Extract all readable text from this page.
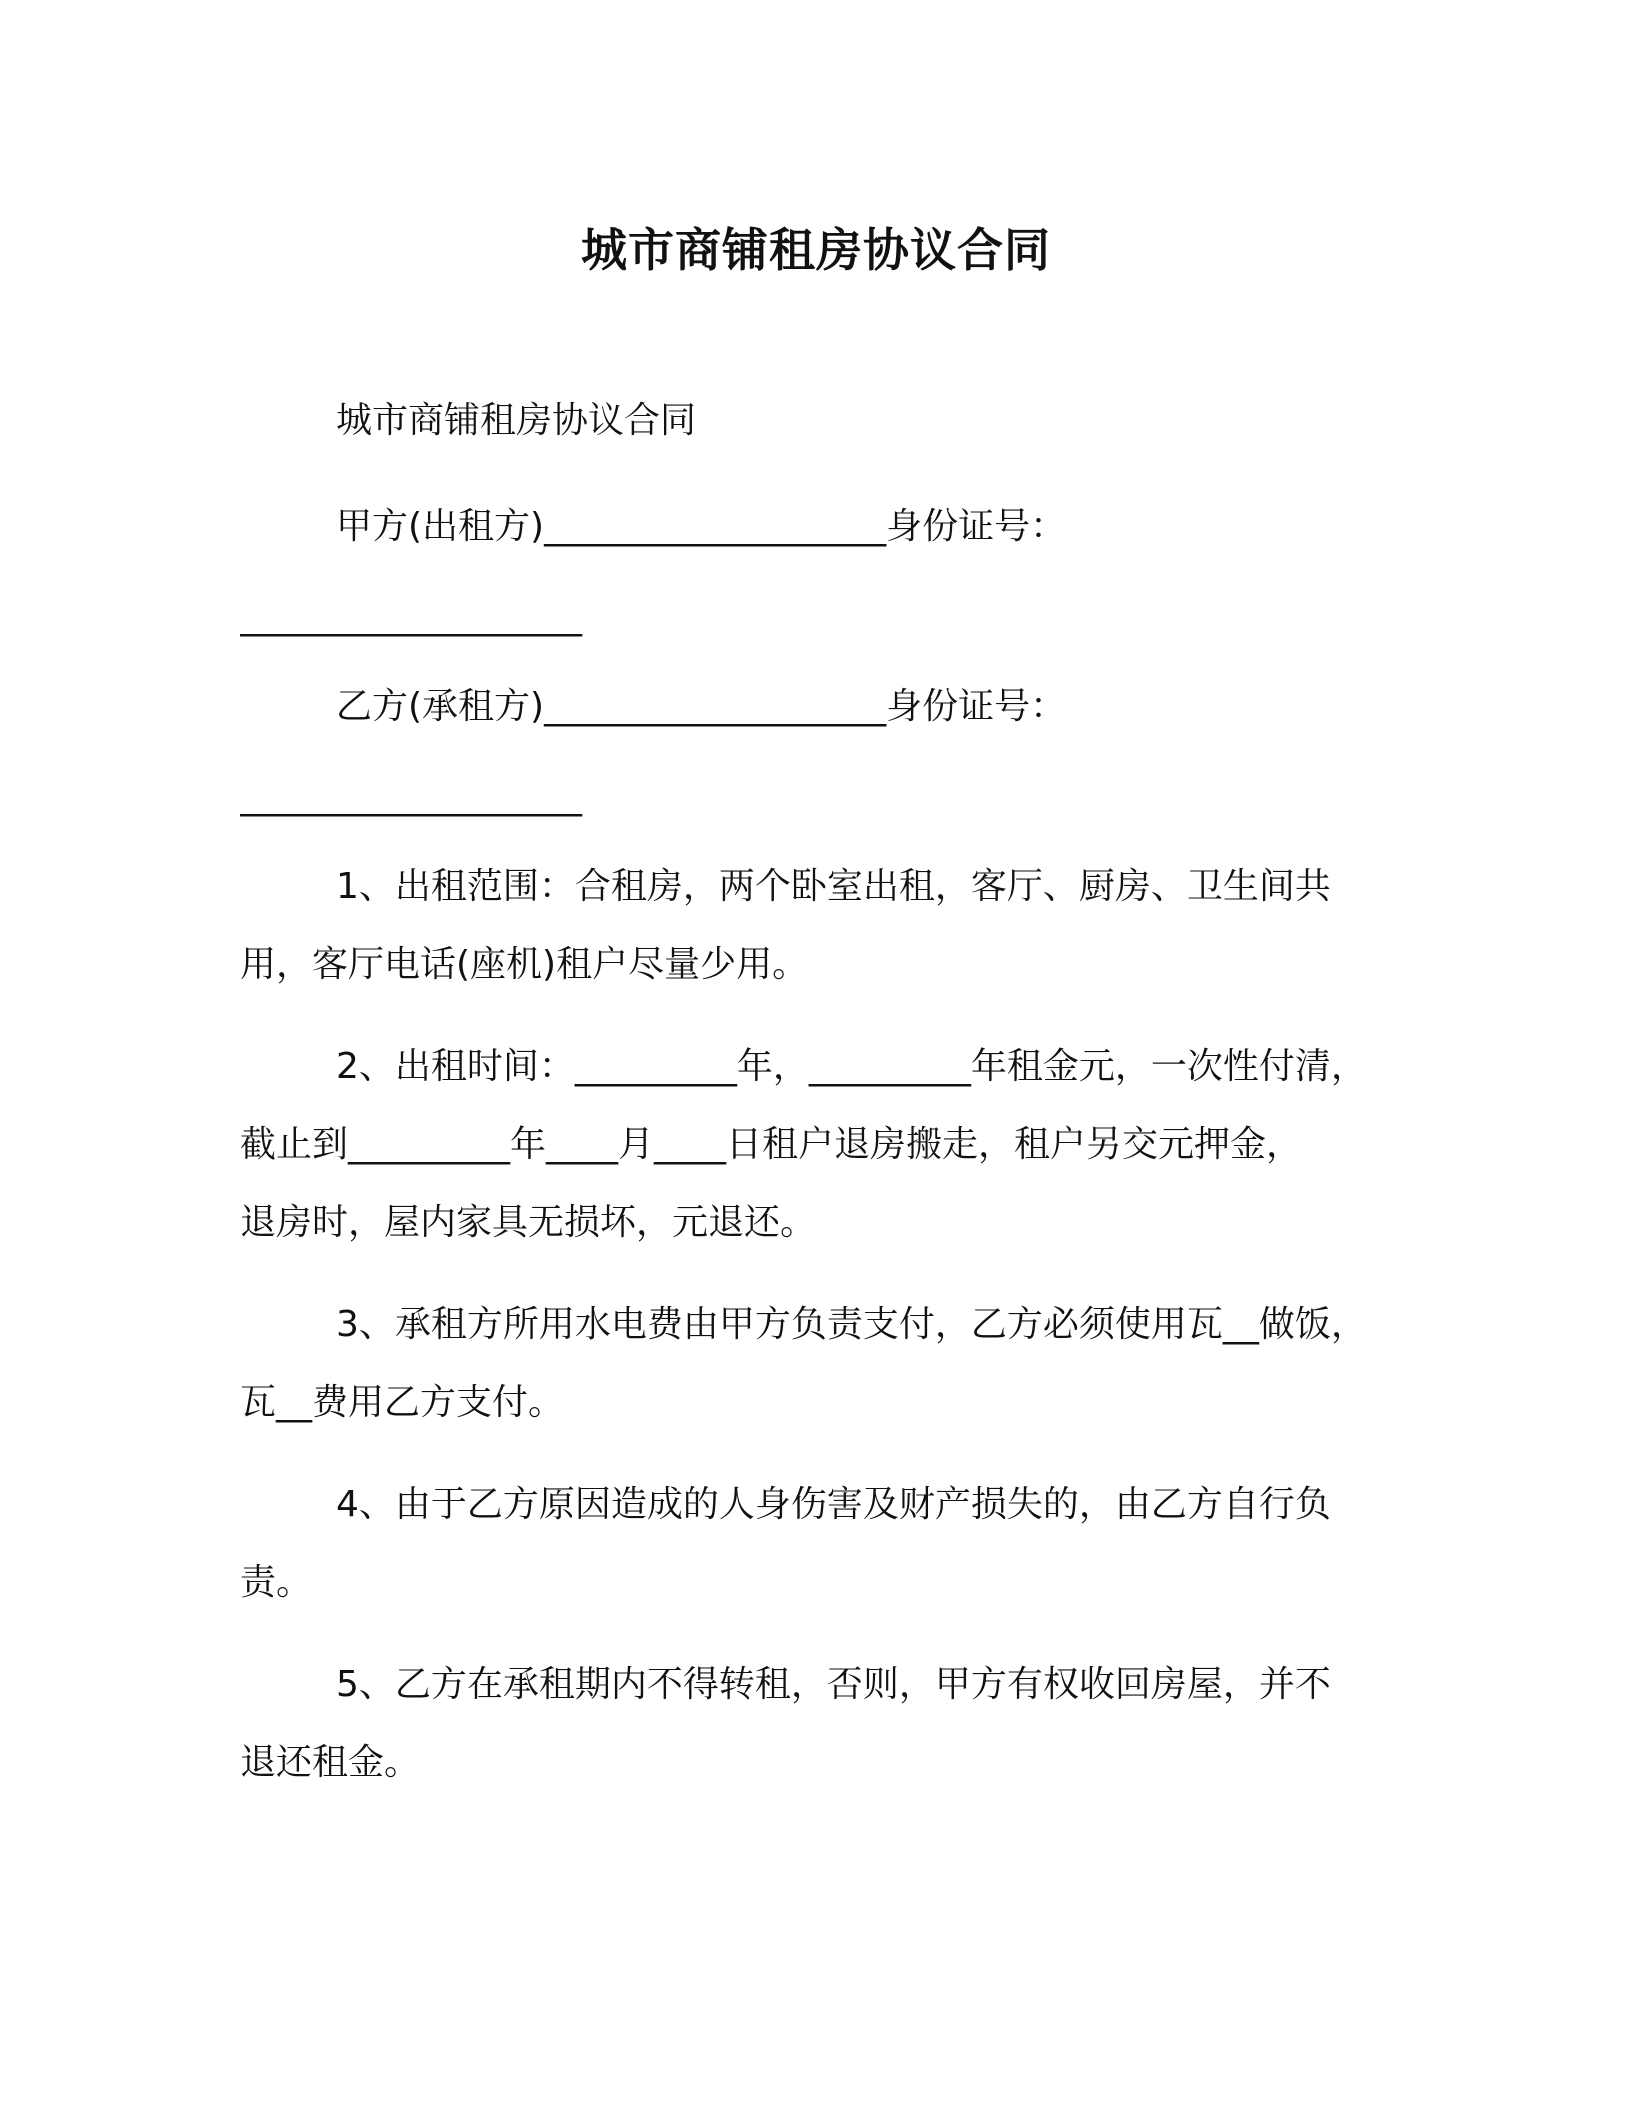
城市商铺租房协议合同
城市商铺租房协议合同
甲方(出租方)___________________身份证号：
___________________
乙方(承租方)___________________身份证号：
___________________
1、出租范围：合租房，两个卧室出租，客厅、厨房、卫生间共
用，客厅电话(座机)租户尽量少用。
2、出租时间：_________年，_________年租金元，一次性付清，
截止到_________年____月____日租户退房搬走，租户另交元押金，
退房时，屋内家具无损坏，元退还。
3、承租方所用水电费由甲方负责支付，乙方必须使用瓦__做饭，
瓦__费用乙方支付。
4、由于乙方原因造成的人身伤害及财产损失的，由乙方自行负
责。
5、乙方在承租期内不得转租，否则，甲方有权收回房屋，并不
退还租金。
